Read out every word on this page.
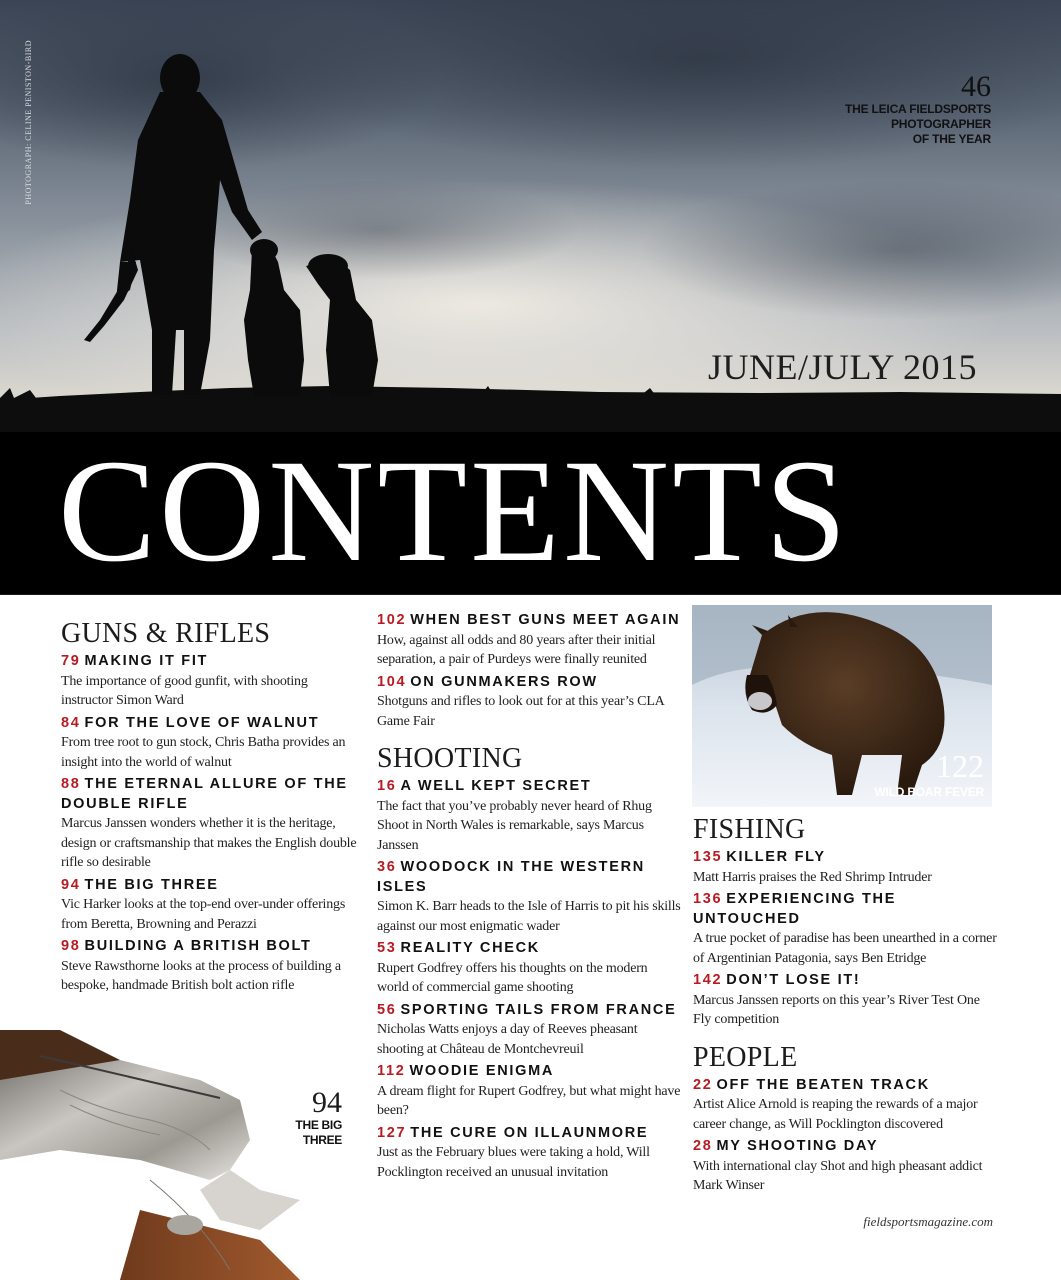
PHOTOGRAPH: CELINE PENISTON-BIRD	46
THE LEICA FIELDSPORTS
PHOTOGRAPHER
OF THE YEAR
JUNE/JULY 2015
CONTENTS
122
WILD BOAR FEVER
GUNS & RIFLES
79 MAKING IT FIT
The importance of good gunfit, with shooting instructor Simon Ward
84 FOR THE LOVE OF WALNUT
From tree root to gun stock, Chris Batha provides an insight into the world of walnut
88 THE ETERNAL ALLURE OF THE DOUBLE RIFLE
Marcus Janssen wonders whether it is the heritage, design or craftsmanship that makes the English double rifle so desirable
94 THE BIG THREE
Vic Harker looks at the top-end over-under offerings from Beretta, Browning and Perazzi
98 BUILDING A BRITISH BOLT
Steve Rawsthorne looks at the process of building a bespoke, handmade British bolt action rifle
102 WHEN BEST GUNS MEET AGAIN
How, against all odds and 80 years after their initial separation, a pair of Purdeys were finally reunited
104 ON GUNMAKERS ROW
Shotguns and rifles to look out for at this year’s CLA Game Fair
SHOOTING
16 A WELL KEPT SECRET
The fact that you’ve probably never heard of Rhug Shoot in North Wales is remarkable, says Marcus Janssen
36 WOODOCK IN THE WESTERN ISLES
Simon K. Barr heads to the Isle of Harris to pit his skills against our most enigmatic wader
53 REALITY CHECK
Rupert Godfrey offers his thoughts on the modern world of commercial game shooting
56 SPORTING TAILS FROM FRANCE
Nicholas Watts enjoys a day of Reeves pheasant shooting at Château de Montchevreuil
112 WOODIE ENIGMA
A dream flight for Rupert Godfrey, but what might have been?
127 THE CURE ON ILLAUNMORE
Just as the February blues were taking a hold, Will Pocklington received an unusual invitation
FISHING
135 KILLER FLY
Matt Harris praises the Red Shrimp Intruder
136 EXPERIENCING THE UNTOUCHED
A true pocket of paradise has been unearthed in a corner of Argentinian Patagonia, says Ben Etridge
142 DON’T LOSE IT!
Marcus Janssen reports on this year’s River Test One Fly competition
PEOPLE
22 OFF THE BEATEN TRACK
Artist Alice Arnold is reaping the rewards of a major career change, as Will Pocklington discovered
28 MY SHOOTING DAY
With international clay Shot and high pheasant addict Mark Winser
94
THE BIG
THREE
fieldsportsmagazine.com
